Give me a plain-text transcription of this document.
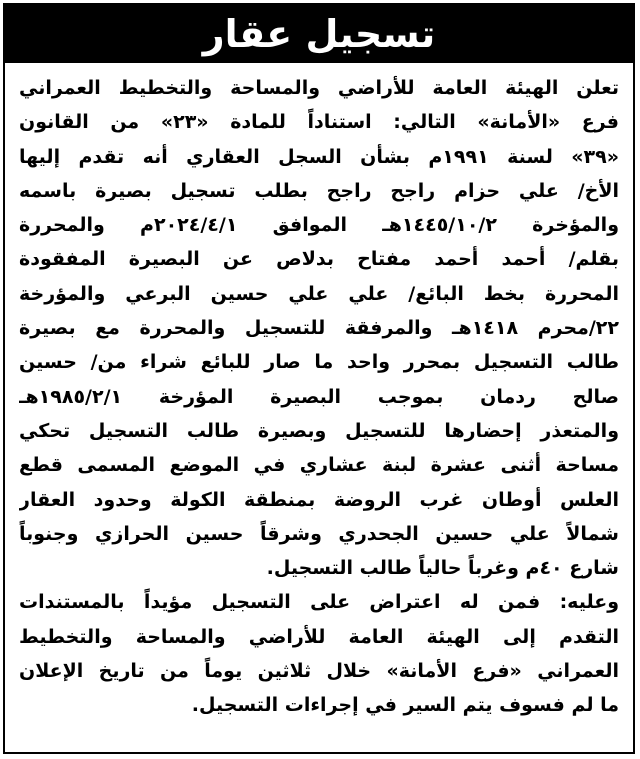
تسجيل عقار
تعلن الهيئة العامة للأراضي والمساحة والتخطيط العمراني
فرع «الأمانة» التالي: استناداً للمادة «٢٣» من القانون
«٣٩» لسنة ١٩٩١م بشأن السجل العقاري أنه تقدم إليها
الأخ/ علي حزام راجح راجح بطلب تسجيل بصيرة باسمه
والمؤخرة ١٤٤٥/١٠/٢هـ الموافق ٢٠٢٤/٤/١م والمحررة
بقلم/ أحمد أحمد مفتاح بدلاص عن البصيرة المفقودة
المحررة بخط البائع/ علي علي حسين البرعي والمؤرخة
٢٢/محرم ١٤١٨هـ والمرفقة للتسجيل والمحررة مع بصيرة
طالب التسجيل بمحرر واحد ما صار للبائع شراء من/ حسين
صالح ردمان بموجب البصيرة المؤرخة ١٩٨٥/٢/١هـ
والمتعذر إحضارها للتسجيل وبصيرة طالب التسجيل تحكي
مساحة أثنى عشرة لبنة عشاري في الموضع المسمى قطع
العلس أوطان غرب الروضة بمنطقة الكولة وحدود العقار
شمالاً علي حسين الجحدري وشرقاً حسين الحرازي وجنوباً
شارع ٤٠م وغرباً حالياً طالب التسجيل.
وعليه: فمن له اعتراض على التسجيل مؤيداً بالمستندات
التقدم إلى الهيئة العامة للأراضي والمساحة والتخطيط
العمراني «فرع الأمانة» خلال ثلاثين يوماً من تاريخ الإعلان
ما لم فسوف يتم السير في إجراءات التسجيل.
